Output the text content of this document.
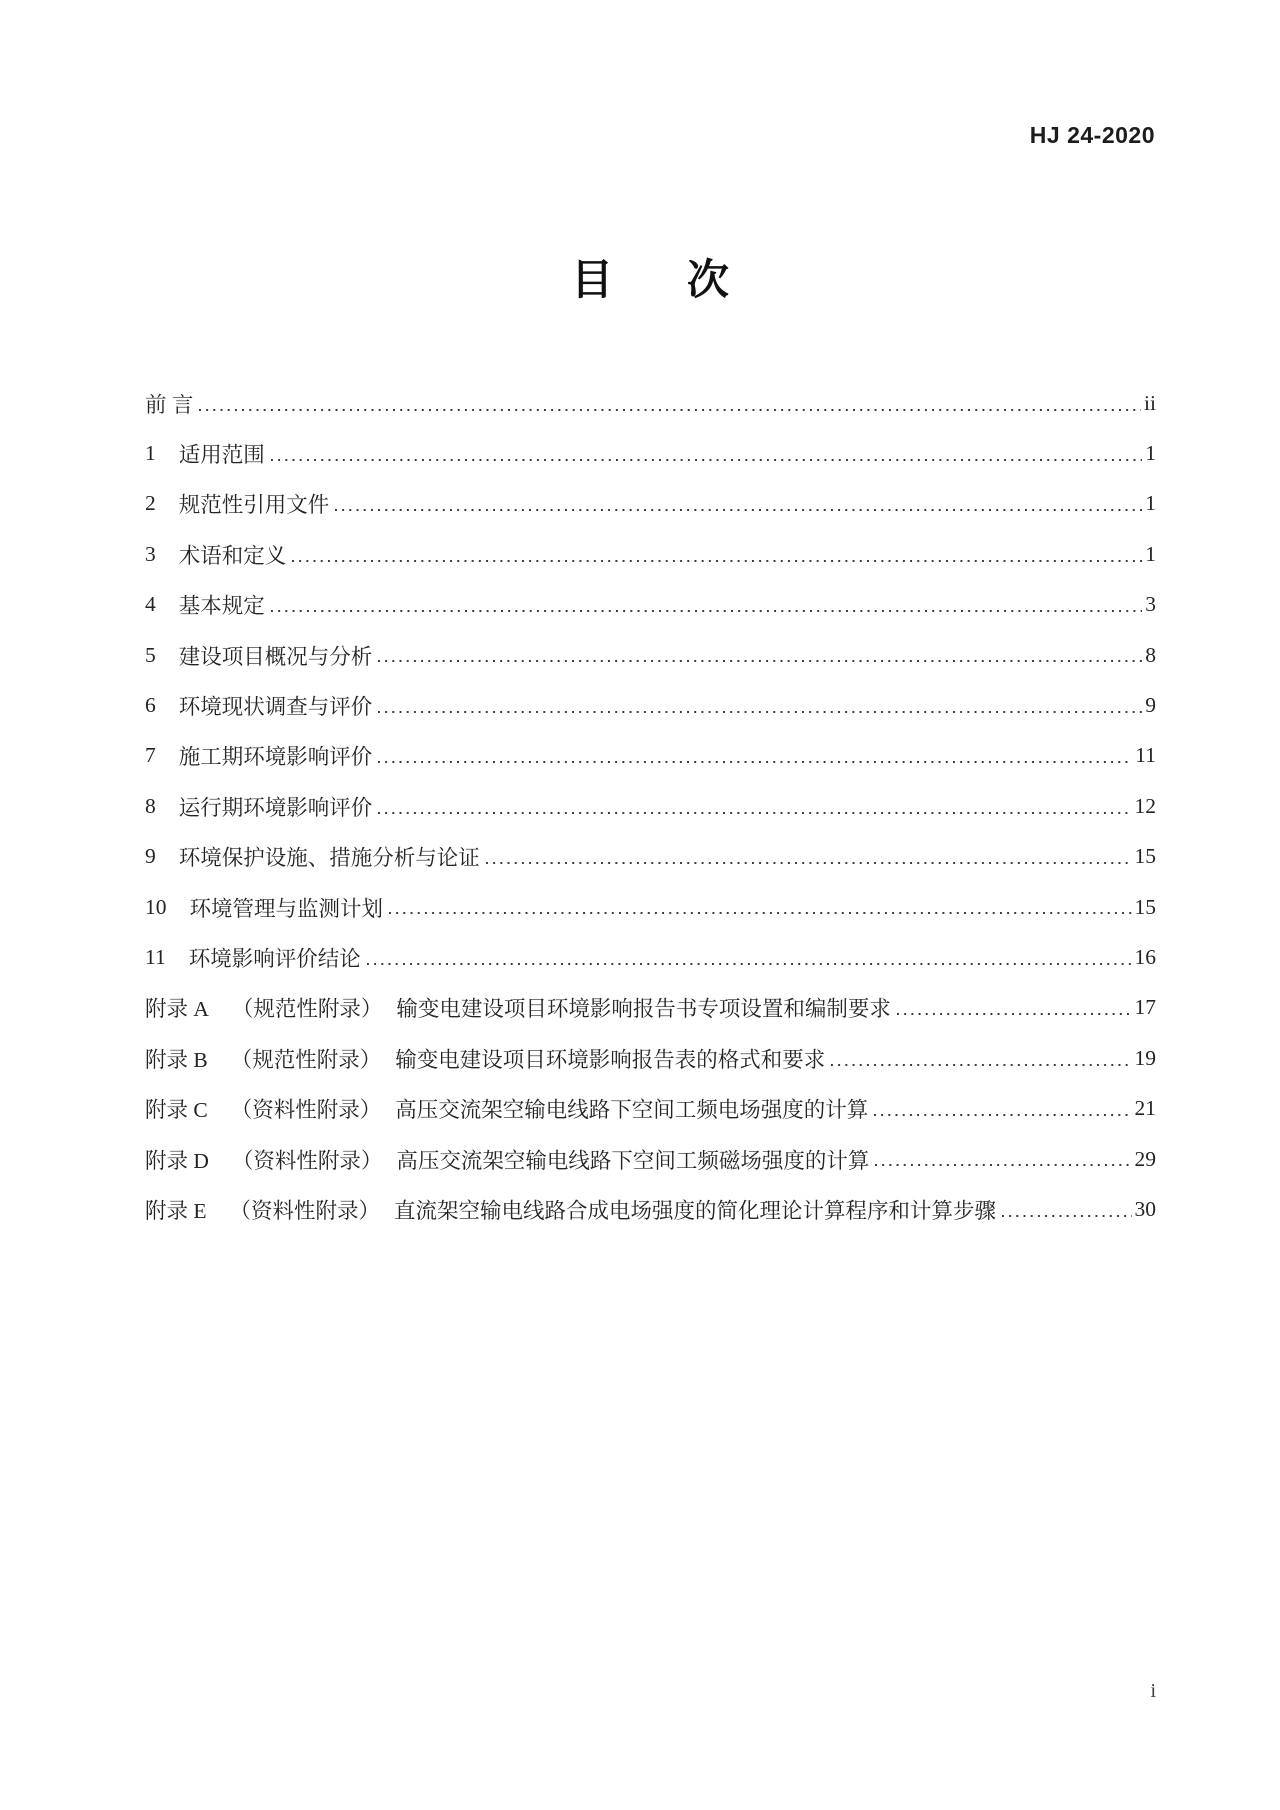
HJ 24-2020
目 次
前 言	ii
1 适用范围	1
2 规范性引用文件	1
3 术语和定义	1
4 基本规定	3
5 建设项目概况与分析	8
6 环境现状调查与评价	9
7 施工期环境影响评价	11
8 运行期环境影响评价	12
9 环境保护设施、措施分析与论证	15
10 环境管理与监测计划	15
11 环境影响评价结论	16
附录 A （规范性附录） 输变电建设项目环境影响报告书专项设置和编制要求	17
附录 B （规范性附录） 输变电建设项目环境影响报告表的格式和要求	19
附录 C （资料性附录） 高压交流架空输电线路下空间工频电场强度的计算	21
附录 D （资料性附录） 高压交流架空输电线路下空间工频磁场强度的计算	29
附录 E （资料性附录） 直流架空输电线路合成电场强度的简化理论计算程序和计算步骤	30
i
